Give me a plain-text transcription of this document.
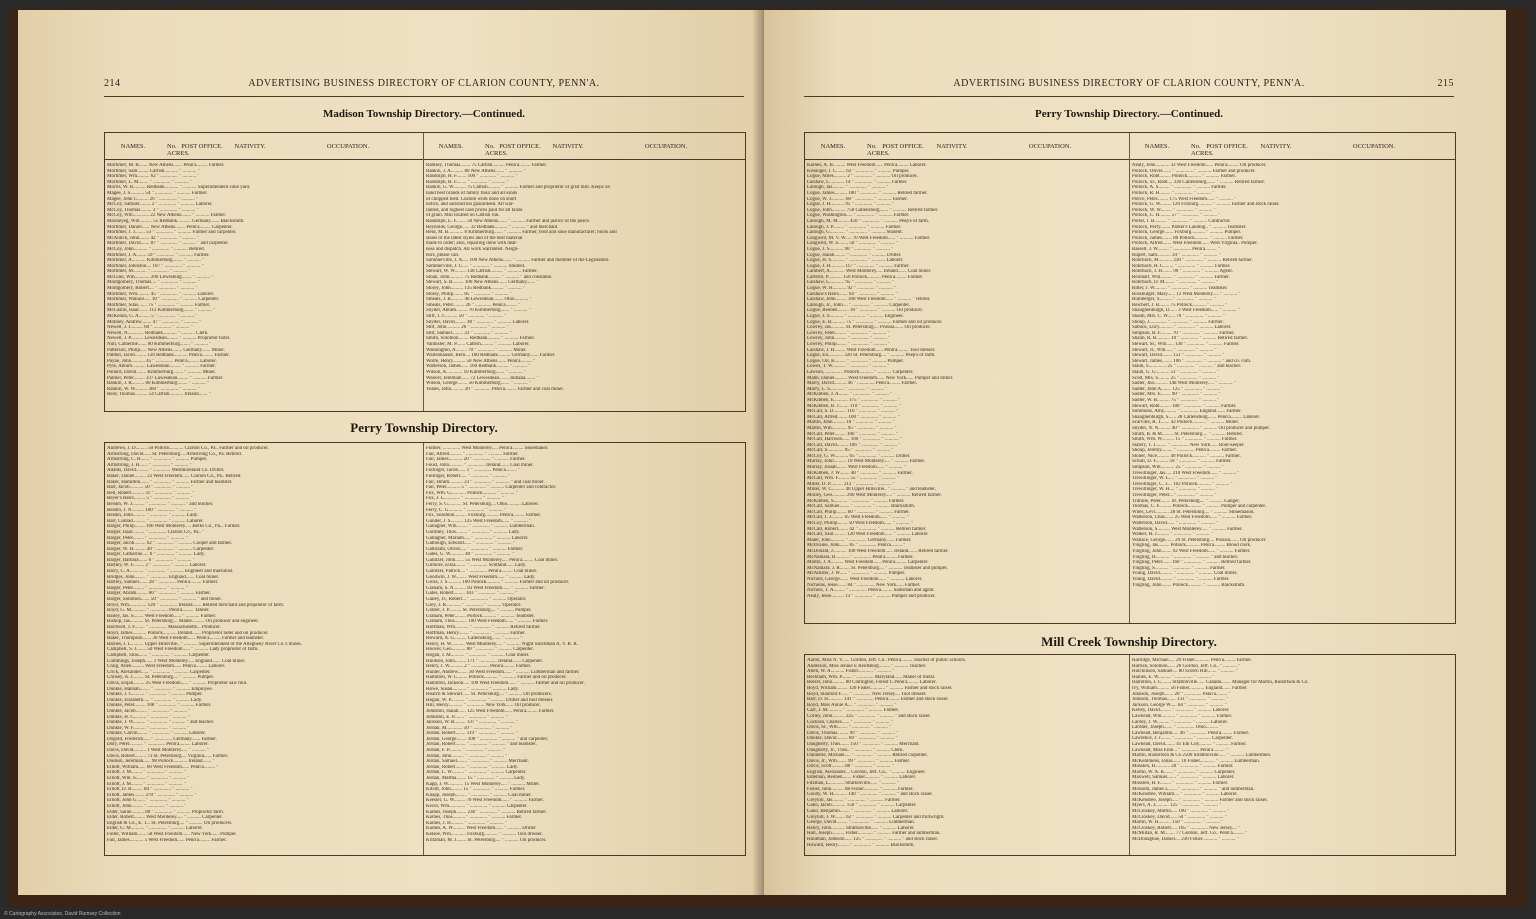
214	ADVERTISING BUSINESS DIRECTORY OF CLARION COUNTY, PENN'A.
Madison Township Directory.—Continued.
NAMES.	No. ACRES.
POST OFFICE.	NATIVITY.	OCCUPATION.	NAMES.	No. ACRES.
POST OFFICE.	NATIVITY.	OCCUPATION.
Mortimer, M. B....... New Athens....... Penn'a......... Farmer.
Mortimer, Sam......... Catfish........... " ........... "
Mortimer, Wm.......... 62 " .............. " ........... "
Mortimer, L. M........ " .............. " ........... "
Morris, W. B.......... Redbank........... " ........... Superintendent coke yard.
Magee, J. S........... 54 " .............. " ........... Farmer.
Magee, John C......... 26 " .............. " ........... "
McCoy, Samuel......... 2 " .............. " ........... Laborer.
McCoy, Thomas......... 3 " .............. " ........... "
McCoy, Wm............. 22 New Athens........ " ........... Farmer.
Mooneyeg, Wm.......... 55 Redbank........... Germany....... Blacksmith.
Mortimer, Daniel...... New Athens........ Penn'a......... Carpenter.
Mortimer, J. J........ 53 " .............. " ........... Farmer and carpenter.
McAnlich, John........ 42 " .............. " ........... "
Mortimer, David....... 87 " .............. " ........... " and carpenter.
McCoy, John........... " .............. " ........... Retired.
Mortimer, J. A........ 59 " .............. " ........... Farmer.
Mortimer, A........... Kimmerburg........ " ........... "
Mortimer, Johnston.... 107 " .............. " ........... "
Mortimer, M........... " .............. " ........... "
McGinn, Wm............ 200 Lewesburg........ " ........... "
Montgomery, Thomas.... " .............. " ........... "
Montgomery, Robert.... " .............. " ........... "
Mortimer, Wm.......... 45 " .............. " ........... Laborer.
Mortimer, Wallace..... 10 " .............. " ........... Carpenter.
Mortimer, Silas....... 75 " .............. " ........... Farmer.
McCaslin, Isaac....... 112 Kimmerburg........ " ........... "
McKenna, G. A......... 5 " .............. " ........... "
Mohney, Andrew........ 47 " .............. " ........... "
Newell, J. J.......... 60 " .............. " ........... "
Newell, N............. Redbank........... " ........... Clerk.
Newell, J. P.......... Lewesdean......... " ........... Proprietor hotel.
Null, Catherine....... 80 Kimmerburg........ " ........... "
Patterson, Philip..... New Athens........ Germany....... Miner.
Palmer, Jacob......... 120 Redbank........... Penn'a......... Farmer.
Payne, John........... 45 " .............. Penn'a......... Laborer.
Pyle, Abram........... Lawesdean......... " ........... Farmer.
Pollard, David........ Kimmerburg........ " ........... Miner.
Palmer, Peter......... 337 Lawesdean......... " ........... Farmer.
Rankin, J. R.......... 80 Kimmerburg........ " ........... "
Rankin, W. W.......... 300 " .............. " ........... "
Reid, Thomas.......... 54 Catfish........... Ireland....... "
Ramsey, Thomas........ 75 Catfish.......... Penn'a......... Farmer.
Rankin, J. A.......... 80 New Athens....... " ........... "
Randolph, H. F........ 100 " ............. " ........... "
Randolph, H. F........ " ............. " ........... "
Rankin, G. W.......... 75 Catfish.......... " ........... Farmer and proprietor of grist mill. Keeps on
hand best brands of family flour and all kinds
of chopped feed. Custom work done on short
notice, and satisfaction guaranteed. All war-
ranted, and highest cash prices paid for all kinds
of grain. Mill located on Catfish run.
Randolph, L. F........ 50 New Athens....... " ........... Farmer and justice of the peace.
Reynolds, George...... 32 Redbank.......... " ........... " and merchant.
Reid, M. B............ 8 Kimmerburg....... " ........... Farmer, boot and shoe manufacturer; boots and
shoes of the latest styles and of the best material
made to order; also, repairing done with neat-
ness and dispatch. All work warranted. Neigh-
bors, please call.
Sommerville, J. A..... 100 New Athens....... " ........... Farmer and member of the Legislature.
Sommerville, J. C..... " ............. " ........... Student.
Stewart, W. W......... 138 Catfish.......... " ........... Farmer.
Sloan, John........... 75 Redbank.......... " ........... " and constable.
Stewart, S. B......... 100 New Athens....... Germany....... "
Storey, John.......... 135 Redbank.......... " ........... "
Storey, Philip........ 85 " ............. " ........... "
Smeals, J. B.......... 40 Lewesdean........ Ohio........... "
Smeals, Peter......... 26 " ............. Penn'a......... "
Snyder, Abram......... 70 Kimmerburg....... " ........... "
Stiff, J. J........... 50 " ............. " ........... "
Snyder, David......... 40 " ............. " ........... Laborer.
Stitt, John........... 26 " ............. " ........... "
Stitt, Samuel......... 23 " ............. " ........... "
Smith, Solomon........ Redbank.......... " ........... Farmer.
Vanhisler, M. P....... Catfish.......... " ........... Laborer.
Washington, A......... 70 " ............. " ........... Miner.
Wallenhauser, Bern.... 180 Redbank.......... Germany....... Farmer.
Wolfe, Henry.......... 50 New Athens....... Penn'a......... "
Watterson, James...... 160 Redbank.......... " ........... "
Wilson, A............. 10 Kimmerburg....... " ........... "
Weaver, Jeremiah...... 72 Lewesdean........ Indiana........ "
Wilson, George........ 50 Kimmerburg....... " ........... "
Yeates, John.......... 20 " ............. Penn'a......... Farmer and coal miner.
Perry Township Directory.
Andrews, J. D......... 50 Pollock........... Clarion Co., Pa.. Farmer and oil producer.
Armstrong, David...... St. Petersburg.... Armstrong Co., Pa. Retired.
Armstrong, C. R....... " .............. " ........... Pumper.
Armstrong, J. H....... " .............. " ........... "
Adams, David.......... " .............. Westmoreland Co. Driller.
Baker, Daniel......... 22 West Freedom...... Clarion Co., Pa.. Retired.
Baker, Hamilton....... " .............. " ........... Farmer and teamster.
Barr, Jacob........... 50 " .............. " ........... "
Bell, Robert.......... 31 " .............. " ........... "
Beyer's Heirs......... 5 " .............. " ........... "
Beishn, W. J.......... " .............. " ........... " and teacher.
Beishn, J. N.......... 100 " .............. " ........... "
Beishn, John.......... " .............. " ........... Lady.
Barr, Conrad.......... " .............. " ........... Laborer.
Barger, Philip........ 166 West Monterey..... Berks Co., Pa... Farmer.
Barger, Isaac......... " .............. Clarion Co., Pa.. "
Barger, Peter......... " .............. " ........... "
Barger, Jacob......... 62 " .............. " ........... Cooper and farmer.
Barger, W. H.......... 40 " .............. " ........... Carpenter.
Barger, Catharine..... 6 " .............. " ........... Lady.
Barger, Barbara....... 6 " .............. " ........... "
Bartley, W. F......... 2 " .............. " ........... Laborer.
Barry, C. A........... " .............. " ........... Engineer and machinist.
Bridges, John......... " .............. England....... Coal miner.
Bartley, Samuel....... 28 " .............. Penn'a......... Farmer.
Barger, Peter......... " .............. " ........... "
Barger, Abram......... 80 " .............. " ........... Farmer.
Barger, Solomon....... 50 " .............. " ........... " and miner.
Boyd, Wm.............. 120 " .............. Ireland....... Retired merchant and proprietor of farm.
Boyd, G. M............ " .............. Penn'a......... Tanner.
Bailey, Jas. S........ West Freedom...... " ........... Farmer.
Bishop, Jas........... St. Petersburg.... Maine.......... Oil producer and engineer.
Bardwell, J. F........ " .............. Massachusetts... Producer.
Boyd, James........... Pollock........... Ireland....... Proprietor hotel and oil producer.
Baker, Thompson....... 30 West Freedom...... Penn'a......... Farmer and teamster.
Barnes, J. L.......... Upper Hillsville.. " ........... Superintendent of the Allegheny River Co.'s mines.
Campbell, S. J........ 50 West Freedom...... " ........... Lady proprietor of farm.
Campbell, Silas....... " .............. " ........... Carpenter.
Cummings, Joseph...... 1 West Monterey..... England....... Coal miner.
Craig, Allen.......... West Freedom...... Penn'a......... Laborer.
Crick, Alexander...... " .............. " ........... Carpenter.
Chrisey, A. J......... St. Petersburg.... " ........... Pumper.
Davis, Elijah......... 25 West Freedom...... " ........... Proprietor saw mill.
Dunkle, Hannah........ " .............. " ........... Employee.
Dunkle, J. C.......... " .............. " ........... Pumper.
Dunkle, Elizabeth..... " .............. " ........... Lady.
Dunkle, Peter......... 108 " .............. " ........... Farmer.
Dunkle, Jacob......... " .............. " ........... "
Dunkle, H. C.......... " .............. " ........... "
Dunkle, J. W.......... " .............. " ........... " and teacher.
Dunkle, W. F.......... " .............. " ........... "
Dunkle, Calvin........ " .............. " ........... Laborer.
Dogold, Frederick..... " .............. Germany....... Farmer.
Doty, Peter........... " .............. Penn'a......... Laborer.
Davis, David.......... 1 West Monterey..... " ........... "
Davis, Robert......... 73 St. Petersburg.... Virginia...... Farmer.
Dodson, Jeremiah...... 98 Pollock........... Ireland....... "
Elliott, William...... 60 West Freedom...... Penn'a......... "
Elliott, J. M......... " .............. " ........... "
Elliott, Wm. S........ " .............. " ........... "
Elliott, J. M......... " .............. " ........... "
Elliott, D. R......... 84 " .............. " ........... "
Elliott, James........ 270 " .............. " ........... "
Elliott, John G....... " .............. " ........... "
Elliott, John......... " .............. " ........... "
Elder, Sarah.......... 80 " .............. " ........... Proprietor farm.
Elder, Robert......... West Monterey..... " ........... Carpenter.
English & Co., E. T... St. Petersburg.... " ........... Oil producers.
Elder, G. M........... " .............. " ........... Laborer.
Fuller, William....... 58 West Freedom...... New York...... Pumper.
Fair, James........... 5 West Freedom...... Penn'a......... Farmer.
Fulmer, .............. West Monterey..... Penn'a......... Shoemaker.
Fair, Alfred.......... " .............. " ........... Farmer.
Fair, James........... 20 " .............. " ........... Farmer.
Foust, John........... " .............. Ireland....... Coal miner.
Fullinger, Jacob...... 1 " .............. Penn'a......... "
Fullinger, Robert..... " .............. " ........... "
Fair, Hiram........... 23 " .............. " ........... " and coal miner.
Fair, Peter........... 5 " .............. " ........... Carpenter and contractor.
Fox, Wm. G............ Pollock........... " ........... "
Fox, J. L............. " .............. " ........... "
Ferry, S. G........... St. Petersburg.... Ohio........... Laborer.
Ferry, C. G........... " .............. " ........... "
Fox, Solomon.......... Foxburg........... Penn'a......... Farmer.
Gunder, J. S.......... 125 West Freedom...... " ........... "
Gallagher, Wm......... " .............. " ........... Lumberman.
Gormley, Thos......... " .............. " ........... Lady.
Gallagher, Mariam..... " .............. " ........... Laborer.
Galbough, Edward...... " .............. " ........... "
Galbraith, Oliver..... " .............. " ........... Farmer.
Gates, G. W........... 40 " .............. " ........... "
Gallitzer, John....... 55 West Monterey..... Penn'a......... Coal miner.
Gilmore, Eliza........ " .............. Scotland...... Lady.
Gallitzer, Patrick.... " .............. Penn'a......... Coal miner.
Goodwin, J. W......... West Freedom...... " ........... Lady.
Gross, J. S........... 100 Pollock........... " ........... Farmer and oil producer.
Graham, S. N.......... 83 West Freedom...... " ........... Farmer.
Gates, Robert......... 103 " .............. " ........... "
Gailey, Jr., Robert... " .............. " ........... Operator.
Grey, J. R............ " .............. " ........... Operator.
Graber, J. P.......... St. Petersburg.... " ........... Pumper.
Graham, Peter......... Pollock........... " ........... Teamster.
Graham, Thos.......... 100 West Freedom...... " ........... Farmer.
Hoffman, Wm........... " .............. " ........... Retired farmer.
Hoffman, Henry........ " .............. " ........... Farmer.
Howard, A. G.......... Callensburg....... " ........... "
Henry, H. W........... West Monterey..... " ........... Night watchman A. V. R. R.
Hoover, Geo........... 80 " .............. " ........... Carpenter.
Hogan, J. M........... " .............. " ........... Coal miner.
Hindson, John......... 171 " .............. Ireland....... Carpenter.
Henry, J. W........... 2 " .............. Penn'a......... Farmer.
Hunter, Andrew........ 30 West Freedom...... " ........... Lumberman and farmer.
Hamilton, W. C........ Pollock........... " ........... Farmer and oil producer.
Hamilton, Jackson..... 100 West Freedom...... " ........... Farmer and oil producer.
Howe, Susan........... " .............. " ........... Lady.
Hoatch & Stewart...... St. Petersburg.... " ........... Oil producers.
Hogan, W. P........... " .............. " ........... Driller and tool dresser.
Hill, Henry........... " .............. New York...... Oil producer.
Johnston, Isaiah...... 125 West Freedom...... Penn'a......... Farmer.
Johnston, E. P........ " .............. " ........... "
Jackson, W. R......... 137 " .............. " ........... "
Jordan, M............. 50 " .............. " ........... "
Jordan, Robert........ 119 " .............. " ........... "
Jordan, George........ 100 " .............. " ........... " and carpenter.
Jordan, Robert........ " .............. " ........... " and teamster.
Jordan, F. P.......... " .............. " ........... "
Jordan, John.......... " .............. " ........... "
Jordan, Samuel........ " .............. " ........... Merchant.
Jordan, Robert........ " .............. " ........... Lady.
Jordan, L. W.......... " .............. " ........... Carpenter.
Jordan, Martha........ 15 " .............. " ........... Lady.
Kapp, J. W............ 15 West Monterey..... " ........... Miller.
Kifsitt, John......... 15 " .............. " ........... Farmer.
Knapp, Joseph......... " .............. " ........... Coal miner.
Keesler, G. W......... 70 West Freedom...... " ........... Farmer.
Kecor, Wm............. " .............. " ........... Carpenter.
Karnes, Joseph........ 238 " .............. " ........... Retired farmer.
Karnes, Thos.......... " .............. " ........... Farmer.
Karnes, J. H.......... " .............. " ........... "
Karnes, A. W.......... West Freedom...... " ........... Driller.
Kelsoe, Wm............ Foxburg........... " ........... Tool dresser.
Kritzman, M. J........ St. Petersburg.... " ........... Oil producer.
ADVERTISING BUSINESS DIRECTORY OF CLARION COUNTY, PENN'A.	215
Perry Township Directory.—Continued.
NAMES.	No. ACRES.
POST OFFICE.	NATIVITY.	OCCUPATION.	NAMES.	No. ACRES.
POST OFFICE.	NATIVITY.	OCCUPATION.
Karnes, A. B.......... West Freedom...... Penn'a......... Laborer.
Kissinger, J. C....... 63 " .............. " ........... Pumper.
Logue, Miles.......... 2 " .............. " ........... Oil producer.
Laishaw, L............ 14 " .............. " ........... Farmer.
Lalough, Jas.......... " .............. " ........... "
Logue, James.......... 100 " .............. " ........... Retired farmer.
Logue, W. J........... 68 " .............. " ........... Farmer.
Logue, J. H........... 95 " .............. " ........... "
Logue, John........... 750 Callensburg....... " ........... Retired farmer.
Logue, Washington..... " .............. " ........... Farmer.
Lalough, M. M......... 450 " .............. " ........... Peep's of farm.
Lalough, J. P......... " .............. " ........... Farmer.
Lalough, G............ " .............. " ........... Student.
Longwell, M. V. W..... 70 West Freedom...... " ........... Farmer.
Longwell, W. S........ 50 " .............. " ........... "
Logue, J. S........... 90 " .............. " ........... "
Logue, Isaiah......... " .............. " ........... Driller.
Logue, H. S........... " .............. " ........... Laborer.
Logue, J. H........... 117 " .............. " ........... Farmer.
Lambert, A............ West Monterey..... Ireland....... Coal miner.
Lafferre, P........... 150 Pollock........... Penn'a......... Farmer.
Laishaw, L............ 95 " .............. " ........... "
Logue, W. H........... 92 " .............. " ........... "
Laishaw's Heirs....... 64 " .............. " ........... "
Laishaw, John......... 300 West Freedom...... " ........... " retired.
Lalough, Jr., John.... " .............. " ........... Carpenter.
Logue, Reuben......... 30 " .............. " ........... Oil producer.
Logue, J. S........... " .............. " ........... Engineer.
Logue, E. B........... 75 " .............. " ........... Farmer and oil producer.
Lowrey, Jas........... St. Petersburg.... Prussia....... Oil producer.
Lowrey, Peter......... " .............. " ........... "
Lowrey, John.......... " .............. " ........... "
Lowrey, Philip........ " .............. " ........... "
Laishaw, J. H......... West Freedom...... Penn'a......... Tool dresser.
Logue, Eli............ 320 St. Petersburg.... " ........... Peep's of farm.
Logue, Oil, R......... " .............. " ........... Pumper.
Lowes, T. W........... " .............. " ........... "
Lawson, .............. Pollock........... " ........... Carpenter.
Mahn, Daniel.......... West Freedom...... New York...... Pumper and driller.
Marry, David.......... 46 " .............. Penn'a......... Farmer.
Marry, L. S........... " .............. " ........... "
McKibben, J. A........ " .............. " ........... "
McKibben, E........... 175 " .............. " ........... "
McKibben, B. J........ 110 " .............. " ........... "
McCall, S. D.......... 116 " .............. " ........... "
McCall, Alfred........ 100 " .............. " ........... "
Martin, John.......... 10 " .............. " ........... "
Martin, Wm............ 95 " .............. " ........... "
McCall, Peter......... 100 " .............. " ........... "
McCall, Harrison...... 100 " .............. " ........... "
McCall, David......... 106 " .............. " ........... "
McCall, S............. 85 " .............. " ........... "
McCoy, G. W........... 65 " .............. " ........... Driller.
Murray, John.......... 10 West Monterey..... " ........... Farmer.
Murray, Josiah........ West Freedom...... " ........... "
McKibben, J. W........ 48 " .............. " ........... Farmer.
McCall, Wm. F......... 55 " .............. " ........... "
Miller, D. P.......... 213 " .............. " ........... "
Miller, W. C.......... 40 Upper Hillsville.. " ........... " and teamster.
Molley, Geo........... 200 West Monterey..... " ........... Retired farmer.
McKibben, S........... " .............. " ........... Farmer.
McCall, Samuel........ " .............. " ........... Blacksmith.
McCall, Philip........ 60 " .............. " ........... Farmer.
McCall, J. J.......... 65 West Freedom...... " ........... "
McCoy, Phillip........ 50 West Freedom...... " ........... "
McCall, Robert........ 42 " .............. " ........... Retired farmer.
McCall, Saul.......... 120 West Freedom...... " ........... Laborer.
Maler, John........... " .............. Germany....... Farmer.
McIlvaine, John....... 85 " .............. Penn'a......... "
McDonald, J........... 100 West Freedom...... Ireland....... Retired farmer.
McNamara, R........... " .............. Penn'a......... Farmer.
Martin, J. A.......... West Freedom...... Penn'a......... Carpenter.
McNamara, J. R........ St. Petersburg.... " ........... Teamster and pumper.
McAllister, J. W...... " .............. " ........... Pumper.
Nichols, George....... West Freedom...... " ........... Laborer.
Nicholas, Jesse....... 84 " .............. New York...... Farmer.
Nichols, T. A......... " .............. Penn'a......... Salesman and agent.
Nealy, Jesse.......... 13 " .............. " ........... Pumper and producer.
Nealy, John........... 33 West Freedom...... Penn'a......... Oil producer.
Pollock, Oliver....... " .............. " ........... Farmer and producer.
Pollock, Robt......... Pollock........... " ........... Farmer.
Pollock, Sr., Robt.... 330 Callensburg....... " ........... Retired farmer.
Pollock, A. S......... " .............. " ........... Farmer.
Pollock, R. H......... " .............. " ........... "
Pierce, Peter......... 175 West Freedom...... " ........... "
Pollock, G. W......... 120 Foxburg........... " ........... Farmer and stock raiser.
Pollock, W. W......... " .............. " ........... "
Pollock, C. H......... 57 " .............. " ........... "
Porter, J. B.......... " .............. " ........... Contractor.
Pollock, Perry........ Parker's Landing.. " ........... Teamster.
Pollock, George....... Foxburg........... " ........... Pumper.
Pollock, James........ 80 Pollock........... " ........... Farmer.
Pollock, Alfred....... West Freedom...... West Virginia.. Pumper.
Rassell, J. W......... " .............. Penn'a......... "
Rupert, Sam........... 34 " .............. " ........... "
Rohrbach, M........... 230 " .............. " ........... Retired farmer.
Rohrbach, H. C........ " .............. " ........... Farmer.
Rohrbach, J. H........ 90 " .............. " ........... Agent.
Reinhart, Wm.......... " .............. " ........... Farmer.
Rohrbach, D. M........ " .............. " ........... "
Ritter, J. W.......... " .............. " ........... Teamster.
Rossburger, Mary...... 12 West Monterey..... " ........... "
Rumberger, S.......... " .............. " ........... "
Reichert, J. B........ 75 Pollock........... " ........... "
Shaughenburgh, D...... 3 West Freedom...... " ........... "
Shaub, Mrs. C. W...... 70 " .............. " ........... "
Shoup, J.............. " .............. " ........... Farmer.
Sabuck, Lucy........... " .............. " ........... Laborer.
Simpson, B. F......... 70 " .............. " ........... Farmer.
Shaub, R. B........... 10 " .............. " ........... Retired farmer.
Stewart, Sr., Wm...... 130 " .............. " ........... Farmer.
Stewart, Jr., Wm...... " .............. " ........... "
Stewart, David........ 151 " .............. " ........... "
Stewart, James........ 106 " .............. " ........... " and co. com.
Slaun, S.............. 25 " .............. " ........... " and teacher.
Slaun, G. G........... 51 " .............. " ........... "
Scott, Mrs. S......... 25 " .............. " ........... "
Sadler, Jno........... 148 West Monterey..... " ........... "
Sadler, John A........ 125 " .............. " ........... "
Sadler, Mrs. E........ 90 " .............. " ........... "
Sadler, W. B.......... 75 " .............. " ........... "
Stewart, Robt......... 180 " .............. " ........... Farmer.
Summons, Amy.......... " .............. England....... Farmer.
Shaughenburgh, S...... 28 Callensburg....... Penn'a......... Laborer.
Scarville, R. T....... 42 Pollock........... " ........... Miller.
Snyder, N. N.......... 40 " .............. " ........... Oil producer and pumper.
Smith, B. & M......... St. Petersburg.... " ........... Retired.
Smith, Wm. W.......... 15 " .............. " ........... Farmer.
Slatery, T. J......... " .............. New York...... Boot-keeper.
Shoup, Jeremy......... " .............. Penn'a......... Farmer.
Stoner, Nice.......... 40 Pollock........... " ........... Farmer.
Schull, D. F.......... 59 " .............. " ........... Farmer.
Simpson, Wm........... 25 " .............. " ........... "
Trewillinger, Jas..... 210 West Freedom...... " ........... "
Trewillinger, W. L.... " .............. " ........... "
Trewillinger, C. J.... 162 Pollock........... " ........... "
Trewillinger, W. H.... " .............. " ........... "
Trewillinger, Peter... " .............. " ........... "
Trimble, Peter........ St. Petersburg.... " ........... Ganger.
Thomas, C. F.......... Pollock........... " ........... Pumper and carpenter.
Wiles, Levi........... 28 St. Petersburg.... " ........... Stonemason.
Watterson, Chas....... 25 West Freedom...... " ........... Farmer.
Watterson, David...... " .............. " ........... "
Watterson, S.......... West Monterey..... " ........... Farmer.
Walker, H. J.......... " .............. " ........... "
Wallace, George....... 29 St. Petersburg.... Prussia....... Oil producer.
Yingling, Jas......... Pollock........... Penn'a......... Blood clerk.
Yingling, John........ 92 West Freedom...... " ........... Farmer.
Yingling, H........... " .............. " ........... " and teacher.
Yingling, Peter....... 160 " .............. " ........... Retired farmer.
Yingling, S........... " .............. " ........... Farmer.
Young, David.......... " .............. " ........... Coal miller.
Young, David.......... " .............. " ........... Farmer.
Yingling, John........ Pollock........... " ........... Blacksmith.
Mill Creek Township Directory.
Aaron, Miss N. V...... Gordon, Jeff. Co.. Penn'a......... Teacher of public schools.
Anderson, Miss Jennie E Reidsburg......... " ........... Teacher.
Allen, W. A........... Fisher............ " ........... "
Beckham, Wm. P........ " .............. Maryland...... Maker of metal.
Beerer, John.......... 80 Clarington, Forest C Penn'a......... Laborer.
Boyd, William......... 120 Fisher............ " ........... Farmer and stock raiser.
Boyd, Stanford F...... " .............. New Jersey.... Tool dresser.
Barr, D. H............ 141 " .............. Penn'a......... Farmer and stock raiser.
Boyd, Miss Annie A.... " .............. " ........... "
Carr, J. M............ " .............. " ........... Farmer.
Corley, John.......... 225 " .............. " ........... " and stock raiser.
Cochran, Charles...... " .............. " ........... "
Davis, Sr., Wm........ " .............. " ........... "
Davis, Thomas......... 99 " .............. " ........... "
Dunkle, David......... 89 " .............. " ........... "
Daugherty, Thos....... 150 " .............. " ........... Merchant.
Daugherty, Jr., Thos.. " .............. " ........... Clerk.
Dunnerle, Michael..... " .............. " ........... Retired carpenter.
Davis, Jr., Wm........ 99 " .............. " ........... Farmer.
Davis, Scott.......... 80 " .............. " ........... "
English, Alexander.... Gordon, Jeff. Co.. " ........... Engineer.
Edleman, Reuben....... Fisher............ " ........... Laborer.
Fitzman, L............ Strattonville...... " ........... "
Fisher, John.......... 88 Fisher............ " ........... Farmer.
Goody, W. H........... 140 " .............. " ........... " and stock raiser.
Greyhill, Jas......... " .............. " ........... Farmer.
Gano, Jacob........... 150 " .............. " ........... Carpenter.
Gano, Benjamin........ " .............. " ........... Laborer.
Greyhill, J. W........ 62 " .............. " ........... Carpenter and millwright.
George, David......... " .............. " ........... Lumberman.
Henry, John........... Strattonville...... " ........... Laborer.
Hall, Joseph.......... Fisher............ " ........... Farmer and lumberman.
Hindman, Johnson...... 125 " .............. " ........... " and stock raiser.
Howard, Henry......... " .............. " ........... Blacksmith.
Harridge, Michael..... 20 Fisher............ Penn'a......... Farmer.
Harrish, Solomon...... 26 Gordon, Jeff. Co.. " ........... "
Hutchinson, Samuel.... 80 Scotch Hill....... " ........... "
Haines, E. W.......... " .............. " ........... "
Hamilton, J. C........ Strattonville...... Canada........ Manager for Martin, Rudolfson & Co.
Ivy, William.......... 56 Fisher............ England....... Farmer.
Johnson, Joseph....... 20 " .............. Penn'a......... "
Johnson, Thomas....... 133 " .............. " ........... "
Jackson, George W..... 64 " .............. " ........... "
Kelley, David......... " .............. " ........... Laborer.
Lawhead, Wm........... " .............. " ........... Farmer.
Lardey, J. W.......... " .............. " ........... Laborer.
Lardner, Joseph....... " .............. Ohio.......... "
Lawhead, Benjamin..... 46 " .............. Penn'a......... Farmer.
Lawrence, J. J........ " .............. " ........... Carpenter.
Lawhead, David........ 41 Elk City.......... " ........... Farmer.
Lawhead, Miss Ellie... " .............. Penn'a......... "
Martin, Rudolfson & Co 2500 Strattonville...... " ........... Lumbermen.
McKemmens, Jonas...... 10 Fisher............ " ........... Lumberman.
Mosslen, H............ 20 " .............. " ........... Farmer.
Martin, W. A. K....... " .............. " ........... Carpenter.
Maxwell, Samuel....... " .............. " ........... Laborer.
Mosslen, H. F......... " .............. " ........... Farmer.
Mossom, James L....... " .............. " ........... " and lumberman.
McKendree, William.... " .............. " ........... Laborer.
McKendree, Joseph..... " .............. " ........... Farmer and stock raiser.
Myers, A. J........... 125 " .............. " ........... "
McCloskey, Martin..... 100 " .............. " ........... "
McCloskey, David...... 50 " .............. " ........... "
Martin, W. H.......... 150 " .............. " ........... "
McCloskey, Robert..... 165 " .............. New Jersey.... "
McMillan, R. M........ 77 Gordon, Jeff. Co.. Penn'a......... "
McDonaghue, Daniel.... 230 Fisher............ " ........... "
© Cartography Associates, David Rumsey Collection
